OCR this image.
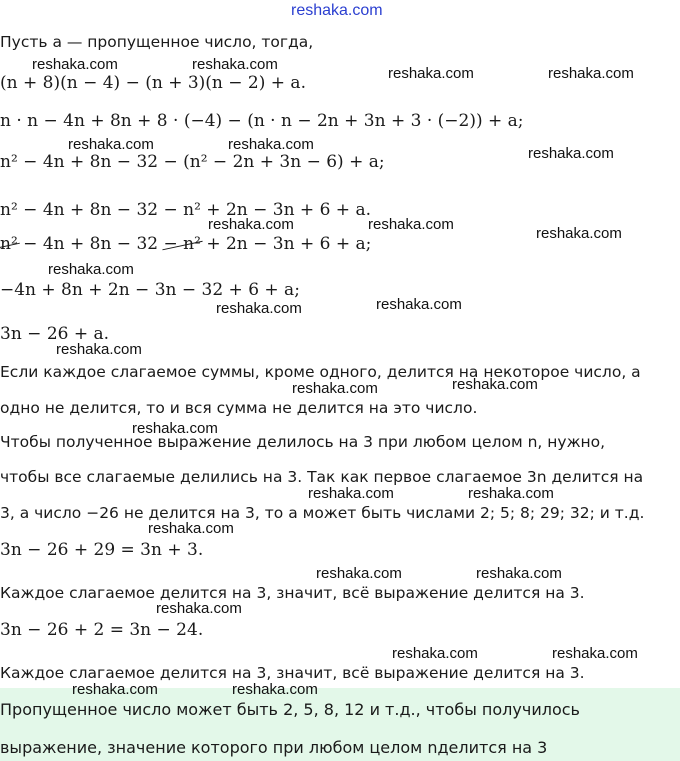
reshaka.com
Пусть a — пропущенное число, тогда,
(n + 8)(n − 4) − (n + 3)(n − 2) + a.
n · n − 4n + 8n + 8 · (−4) − (n · n − 2n + 3n + 3 · (−2)) + a;
n² − 4n + 8n − 32 − (n² − 2n + 3n − 6) + a;
n² − 4n + 8n − 32 − n² + 2n − 3n + 6 + a.
n² − 4n + 8n − 32 − n² + 2n − 3n + 6 + a;
−4n + 8n + 2n − 3n − 32 + 6 + a;
3n − 26 + a.
Если каждое слагаемое суммы, кроме одного, делится на некоторое число, а
одно не делится, то и вся сумма не делится на это число.
Чтобы полученное выражение делилось на 3 при любом целом n, нужно,
чтобы все слагаемые делились на 3. Так как первое слагаемое 3n делится на
3, а число −26 не делится на 3, то a может быть числами 2; 5; 8; 29; 32; и т.д.
3n − 26 + 29 = 3n + 3.
Каждое слагаемое делится на 3, значит, всё выражение делится на 3.
3n − 26 + 2 = 3n − 24.
Каждое слагаемое делится на 3, значит, всё выражение делится на 3.
Пропущенное число может быть 2, 5, 8, 12 и т.д., чтобы получилось
выражение, значение которого при любом целом nделится на 3
reshaka.com	reshaka.com
reshaka.com	reshaka.com
reshaka.com	reshaka.com
reshaka.com
reshaka.com	reshaka.com
reshaka.com
reshaka.com
reshaka.com	reshaka.com
reshaka.com
reshaka.com	reshaka.com
reshaka.com
reshaka.com	reshaka.com
reshaka.com
reshaka.com	reshaka.com
reshaka.com
reshaka.com	reshaka.com
reshaka.com	reshaka.com
